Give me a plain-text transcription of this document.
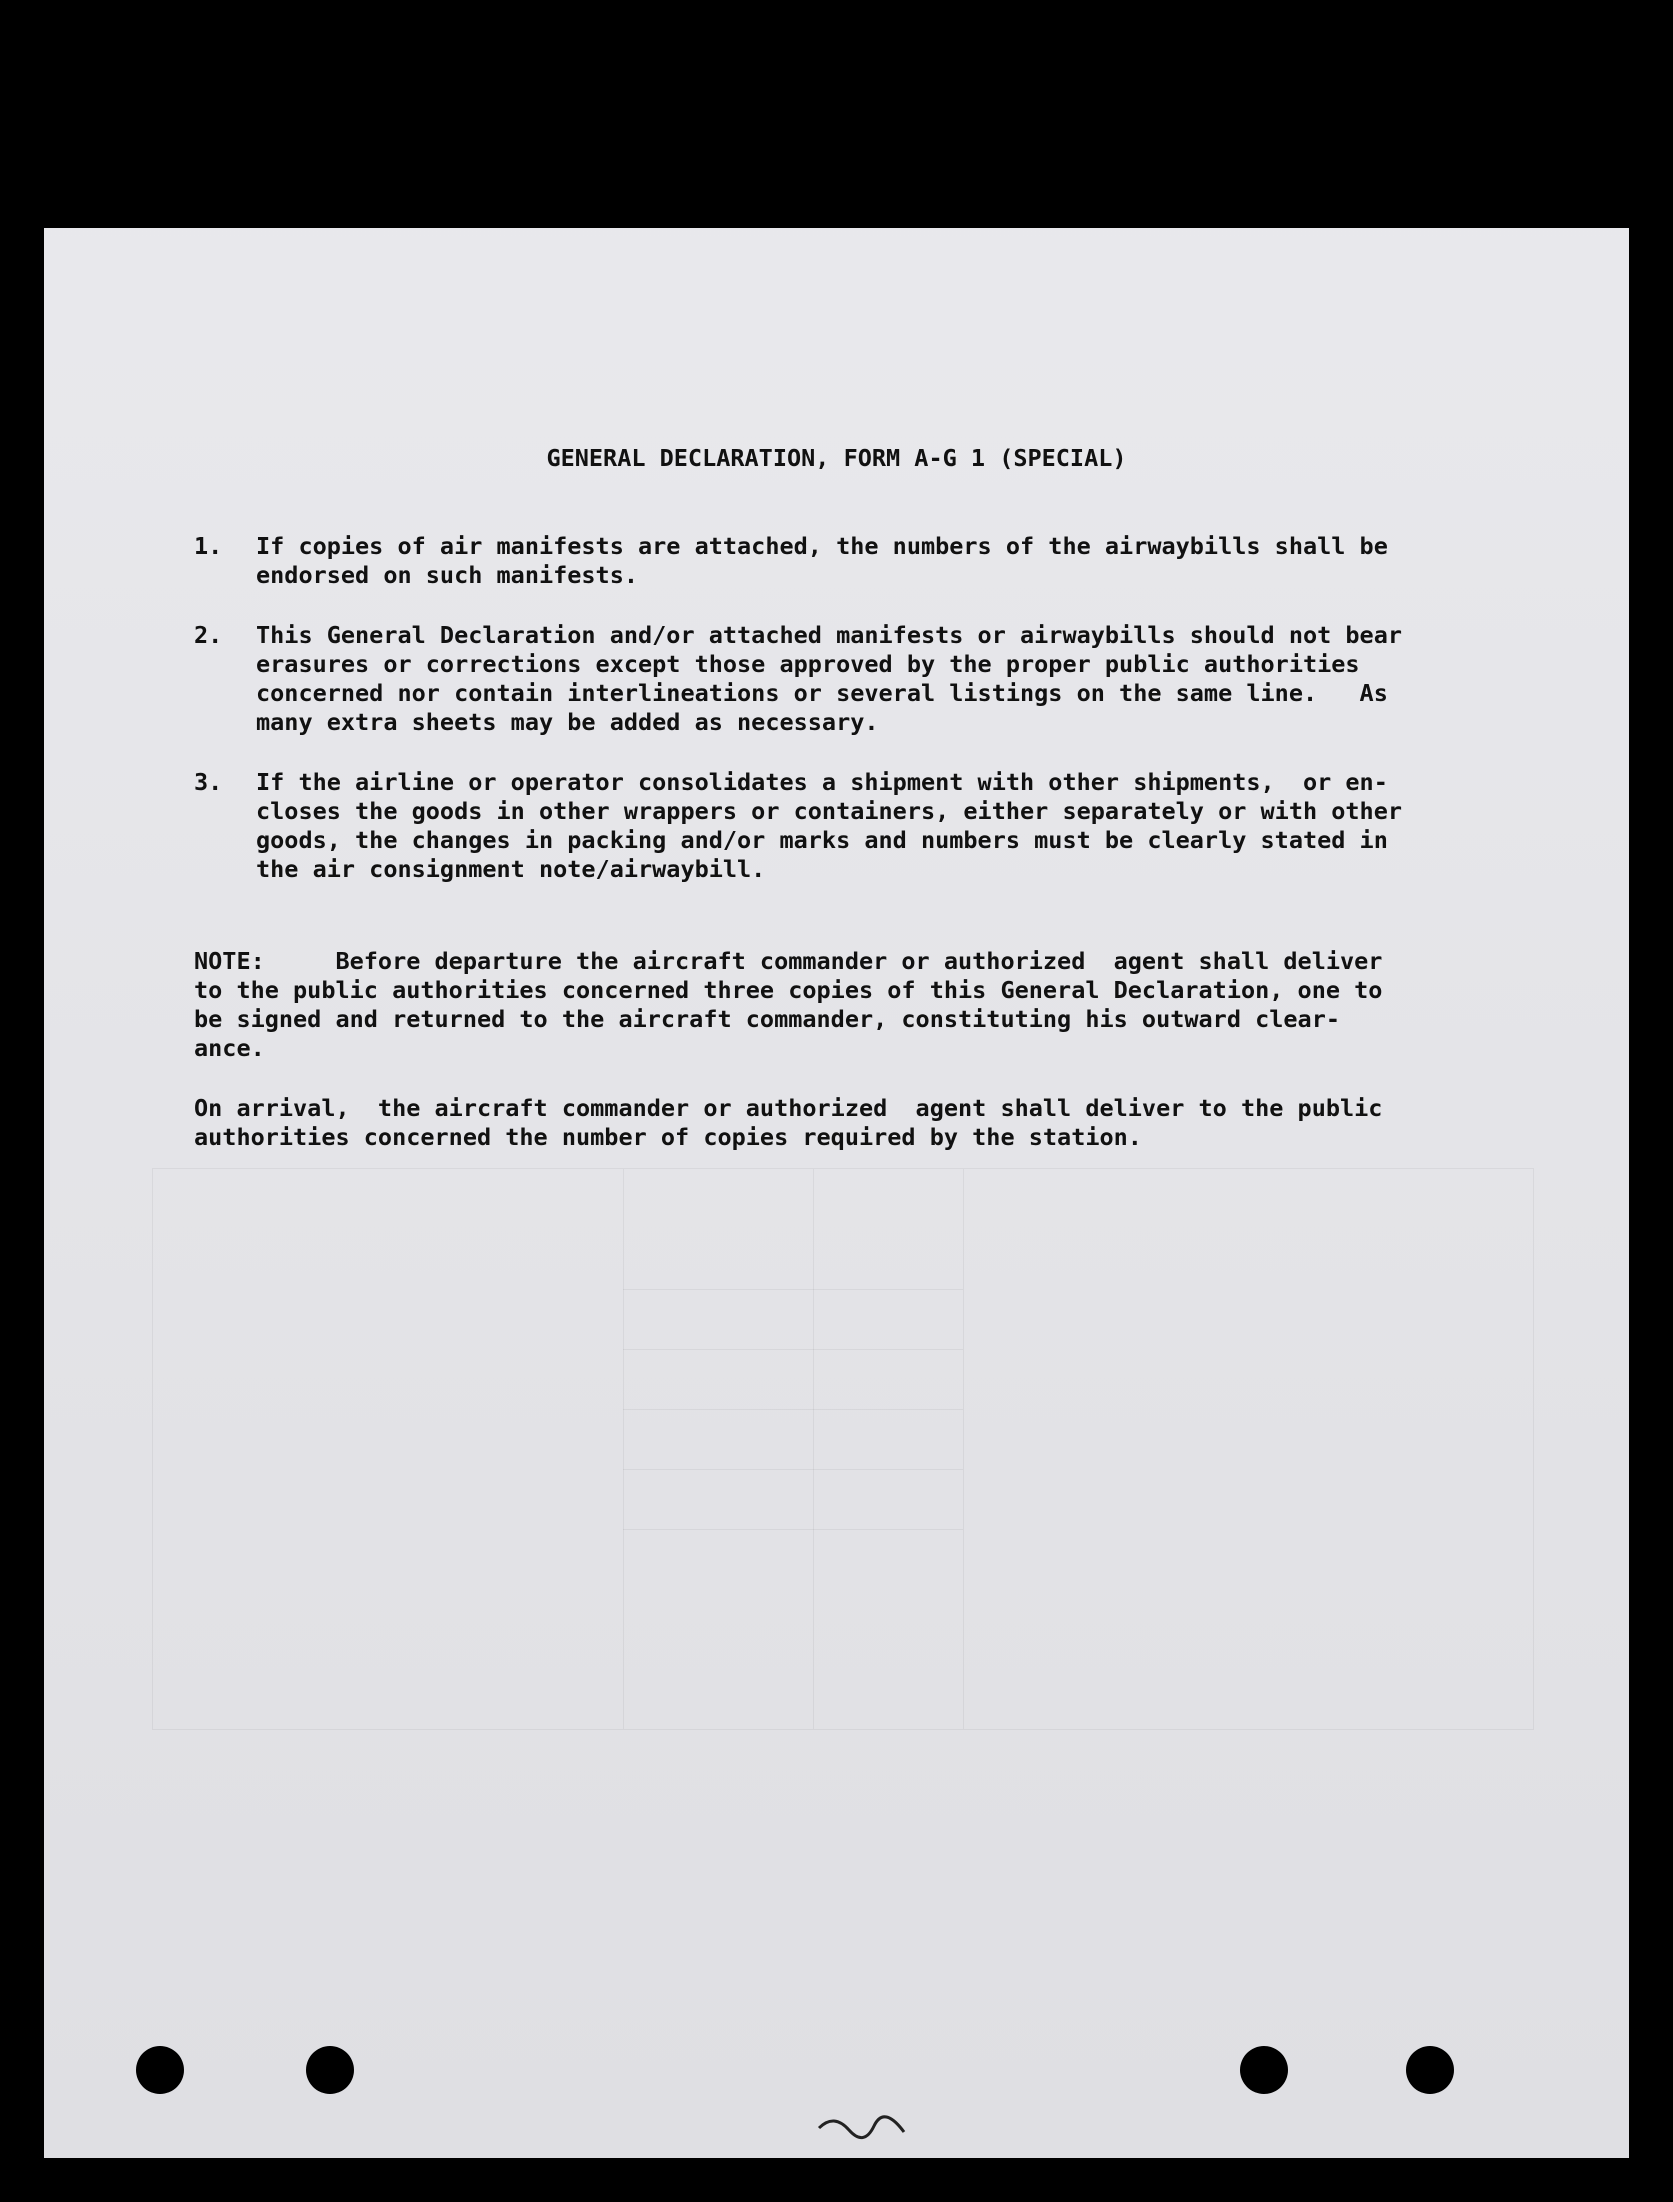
GENERAL DECLARATION, FORM A-G 1 (SPECIAL)
1. If copies of air manifests are attached, the numbers of the airwaybills shall be
endorsed on such manifests.
2. This General Declaration and/or attached manifests or airwaybills should not bear
erasures or corrections except those approved by the proper public authorities
concerned nor contain interlineations or several listings on the same line.   As
many extra sheets may be added as necessary.
3. If the airline or operator consolidates a shipment with other shipments,  or en-
closes the goods in other wrappers or containers, either separately or with other
goods, the changes in packing and/or marks and numbers must be clearly stated in
the air consignment note/airwaybill.
NOTE:     Before departure the aircraft commander or authorized  agent shall deliver
to the public authorities concerned three copies of this General Declaration, one to
be signed and returned to the aircraft commander, constituting his outward clear-
ance.
On arrival,  the aircraft commander or authorized  agent shall deliver to the public
authorities concerned the number of copies required by the station.
